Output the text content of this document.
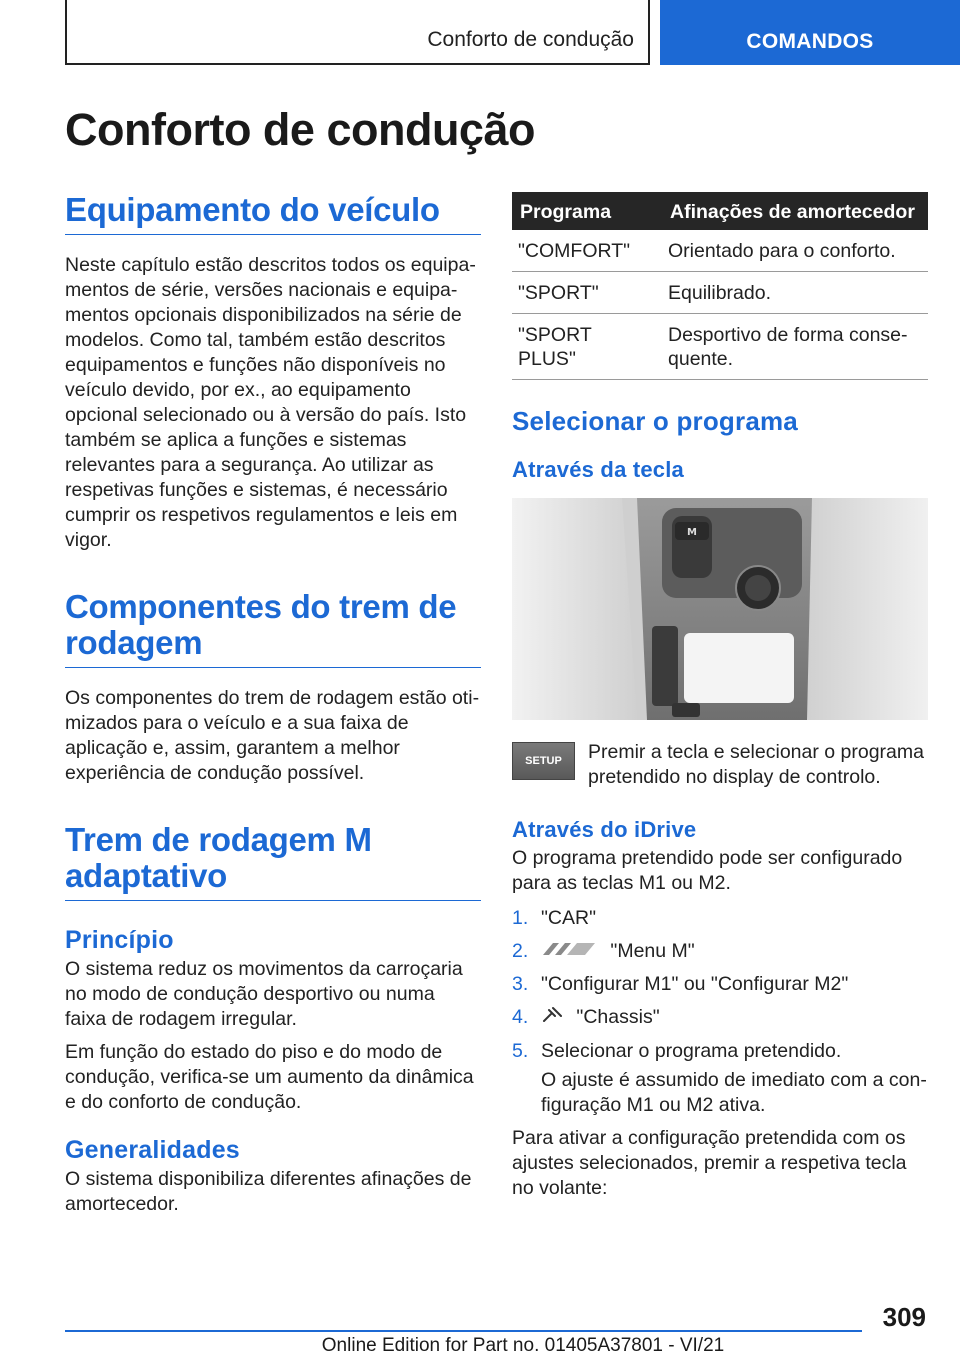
Conforto de condução	COMANDOS
Conforto de condução
Equipamento do veículo

Neste capítulo estão descritos todos os equipamentos de série, versões nacionais e equipamentos opcionais disponibilizados na série de modelos. Como tal, também estão descritos equipamentos e funções não disponíveis no veículo devido, por ex., ao equipamento opcional selecionado ou à versão do país. Isto também se aplica a funções e sistemas relevantes para a segurança. Ao utilizar as respetivas funções e sistemas, é necessário cumprir os respetivos regulamentos e leis em vigor.

Componentes do trem de rodagem

Os componentes do trem de rodagem estão otimizados para o veículo e a sua faixa de aplicação e, assim, garantem a melhor experiência de condução possível.

Trem de rodagem M adaptativo
Princípio

O sistema reduz os movimentos da carroçaria no modo de condução desportivo ou numa faixa de rodagem irregular.

Em função do estado do piso e do modo de condução, verifica-se um aumento da dinâmica e do conforto de condução.

Generalidades

O sistema disponibiliza diferentes afinações de amortecedor.

Programa	Afinações de amortecedor
"COMFORT"	Orientado para o conforto.
"SPORT"	Equilibrado.
"SPORT PLUS"	Desportivo de forma consequente.
Selecionar o programa
Através da tecla
M
SETUP	Premir a tecla e selecionar o programa pretendido no display de controlo.

Através do iDrive

O programa pretendido pode ser configurado para as teclas M1 ou M2.

1. "CAR"
2.	"Menu M"
3. "Configurar M1" ou "Configurar M2"
4. "Chassis"
5. Selecionar o programa pretendido.

O ajuste é assumido de imediato com a configuração M1 ou M2 ativa.

Para ativar a configuração pretendida com os ajustes selecionados, premir a respetiva tecla no volante:

309
Online Edition for Part no. 01405A37801 - VI/21
